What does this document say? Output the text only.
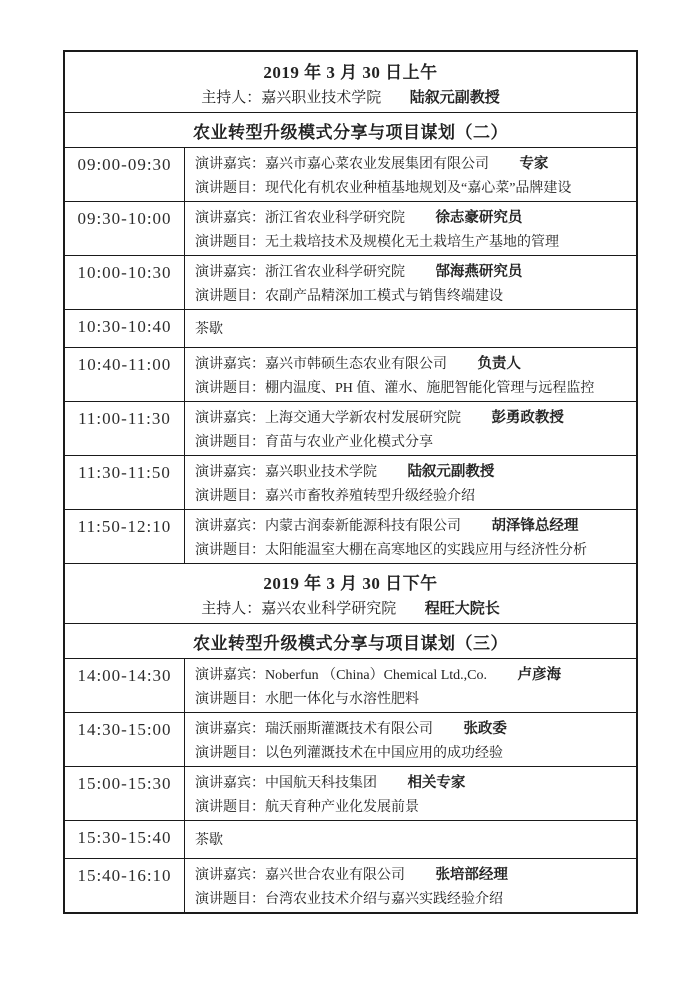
2019 年 3 月 30 日上午
主持人：嘉兴职业技术学院 陆叙元副教授
农业转型升级模式分享与项目谋划（二）
09:00-09:30 演讲嘉宾：嘉兴市嘉心菜农业发展集团有限公司 专家
演讲题目：现代化有机农业种植基地规划及“嘉心菜”品牌建设
09:30-10:00 演讲嘉宾：浙江省农业科学研究院 徐志豪研究员
演讲题目：无土栽培技术及规模化无土栽培生产基地的管理
10:00-10:30 演讲嘉宾：浙江省农业科学研究院 郜海燕研究员
演讲题目：农副产品精深加工模式与销售终端建设
10:30-10:40	茶歇
10:40-11:00 演讲嘉宾：嘉兴市韩硕生态农业有限公司 负责人
演讲题目：棚内温度、PH 值、灌水、施肥智能化管理与远程监控
11:00-11:30 演讲嘉宾：上海交通大学新农村发展研究院 彭勇政教授
演讲题目：育苗与农业产业化模式分享
11:30-11:50 演讲嘉宾：嘉兴职业技术学院 陆叙元副教授
演讲题目：嘉兴市畜牧养殖转型升级经验介绍
11:50-12:10 演讲嘉宾：内蒙古润泰新能源科技有限公司 胡泽锋总经理
演讲题目：太阳能温室大棚在高寒地区的实践应用与经济性分析
2019 年 3 月 30 日下午
主持人：嘉兴农业科学研究院 程旺大院长
农业转型升级模式分享与项目谋划（三）
14:00-14:30 演讲嘉宾：Noberfun （China）Chemical Ltd.,Co. 卢彦海
演讲题目：水肥一体化与水溶性肥料
14:30-15:00 演讲嘉宾：瑞沃丽斯灌溉技术有限公司 张政委
演讲题目：以色列灌溉技术在中国应用的成功经验
15:00-15:30 演讲嘉宾：中国航天科技集团 相关专家
演讲题目：航天育种产业化发展前景
15:30-15:40	茶歇
15:40-16:10 演讲嘉宾：嘉兴世合农业有限公司 张培部经理
演讲题目：台湾农业技术介绍与嘉兴实践经验介绍
